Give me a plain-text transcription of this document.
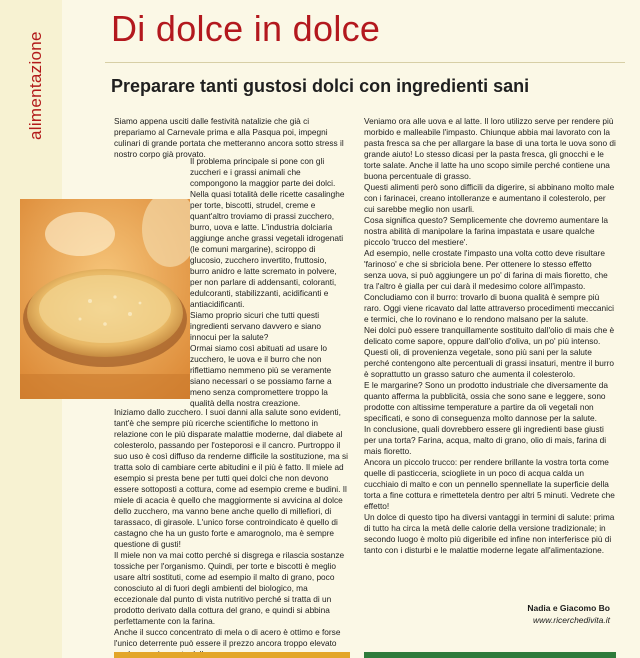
alimentazione
Di dolce in dolce
Preparare tanti gustosi dolci con ingredienti sani

Siamo appena usciti dalle festività natalizie che già ci prepariamo al Carnevale prima e alla Pasqua poi, impegni culinari di grande portata che metteranno ancora sotto stress il nostro corpo già provato.

Il problema principale si pone con gli zuccheri e i grassi animali che compongono la maggior parte dei dolci. Nella quasi totalità delle ricette casalinghe per torte, biscotti, strudel, creme e quant'altro troviamo di prassi zucchero, burro, uova e latte. L'industria dolciaria aggiunge anche grassi vegetali idrogenati (le comuni margarine), sciroppo di glucosio, zucchero invertito, fruttosio, burro anidro e latte scremato in polvere, per non parlare di addensanti, coloranti, edulcoranti, stabilizzanti, acidificanti e antiacidificanti.

Siamo proprio sicuri che tutti questi ingredienti servano davvero e siano innocui per la salute?

Ormai siamo così abituati ad usare lo zucchero, le uova e il burro che non riflettiamo nemmeno più se veramente siano necessari o se possiamo farne a meno senza compromettere troppo la qualità della nostra creazione.

Iniziamo dallo zucchero. I suoi danni alla salute sono evidenti, tant'è che sempre più ricerche scientifiche lo mettono in relazione con le più disparate malattie moderne, dal diabete al colesterolo, passando per l'osteporosi e il cancro. Purtroppo il suo uso è così diffuso da renderne difficile la sostituzione, ma si tratta solo di cambiare certe abitudini e il più è fatto. Il miele ad esempio si presta bene per tutti quei dolci che non devono essere sottoposti a cottura, come ad esempio creme e budini. Il miele di acacia è quello che maggiormente si avvicina al dolce dello zucchero, ma vanno bene anche quello di millefiori, di tarassaco, di girasole. L'unico forse controindicato è quello di castagno che ha un gusto forte e amarognolo, ma è sempre questione di gusti!

Il miele non va mai cotto perché si disgrega e rilascia sostanze tossiche per l'organismo. Quindi, per torte e biscotti è meglio usare altri sostituti, come ad esempio il malto di grano, poco conosciuto al di fuori degli ambienti del biologico, ma eccezionale dal punto di vista nutritivo perché si tratta di un prodotto derivato dalla cottura del grano, e quindi si abbina perfettamente con la farina.

Anche il succo concentrato di mela o di acero è ottimo e forse l'unico deterrente può essere il prezzo ancora troppo elevato

Veniamo ora alle uova e al latte. Il loro utilizzo serve per rendere più morbido e malleabile l'impasto. Chiunque abbia mai lavorato con la pasta fresca sa che per allargare la base di una torta le uova sono di grande aiuto! Lo stesso dicasi per la pasta fresca, gli gnocchi e le torte salate. Anche il latte ha uno scopo simile perché contiene una buona percentuale di grasso.

Questi alimenti però sono difficili da digerire, si abbinano molto male con i farinacei, creano intolleranze e aumentano il colesterolo, per cui sarebbe meglio non usarli.

Cosa significa questo? Semplicemente che dovremo aumentare la nostra abilità di manipolare la farina impastata e usare qualche piccolo 'trucco del mestiere'.

Ad esempio, nelle crostate l'impasto una volta cotto deve risultare 'farinoso' e che si sbriciola bene. Per ottenere lo stesso effetto senza uova, si può aggiungere un po' di farina di mais fioretto, che tra l'altro è gialla per cui darà il medesimo colore all'impasto.

Concludiamo con il burro: trovarlo di buona qualità è sempre più raro. Oggi viene ricavato dal latte attraverso procedimenti meccanici e termici, che lo rovinano e lo rendono malsano per la salute.

Nei dolci può essere tranquillamente sostituito dall'olio di mais che è delicato come sapore, oppure dall'olio d'oliva, un po' più intenso. Questi oli, di provenienza vegetale, sono più sani per la salute perché contengono alte percentuali di grassi insaturi, mentre il burro è soprattutto un grasso saturo che aumenta il colesterolo.

E le margarine? Sono un prodotto industriale che diversamente da quanto afferma la pubblicità, ossia che sono sane e leggere, sono prodotte con altissime temperature a partire da oli vegetali non specificati, e sono di conseguenza molto dannose per la salute.

In conclusione, quali dovrebbero essere gli ingredienti base giusti per una torta? Farina, acqua, malto di grano, olio di mais, farina di mais fioretto.

Ancora un piccolo trucco: per rendere brillante la vostra torta come quelle di pasticceria, sciogliete in un poco di acqua calda un cucchiaio di malto e con un pennello spennellate la superficie della torta a fine cottura e rimettetela dentro per altri 5 minuti. Vedrete che effetto!

Un dolce di questo tipo ha diversi vantaggi in termini di salute: prima di tutto ha circa la metà delle calorie della versione tradizionale; in secondo luogo è molto più digeribile ed infine non interferisce più di tanto con i disturbi e le malattie moderne legate all'alimentazione.

Nadia e Giacomo Bo
www.ricerchedivita.it
